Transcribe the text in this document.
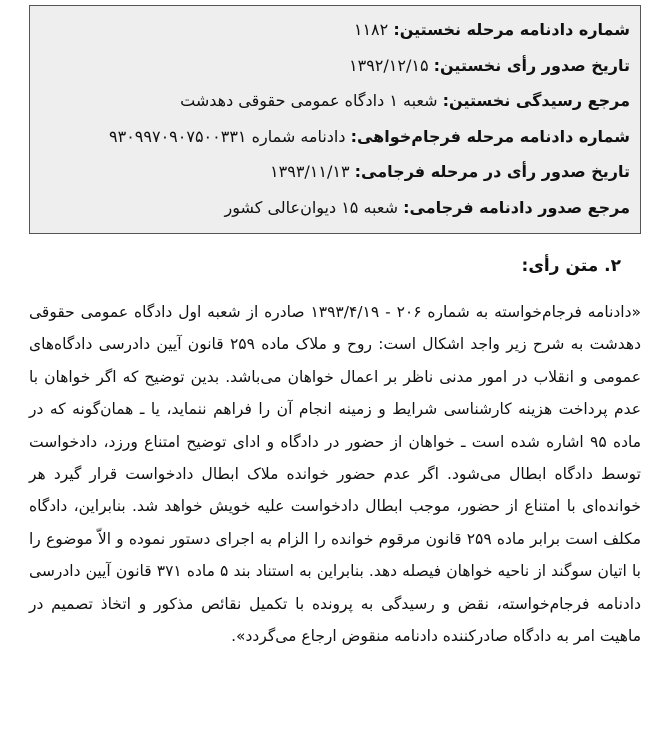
شماره دادنامه مرحله نخستین: ۱۱۸۲
تاریخ صدور رأی نخستین: ۱۳۹۲/۱۲/۱۵
مرجع رسیدگی نخستین: شعبه ۱ دادگاه عمومی حقوقی دهدشت
شماره دادنامه مرحله فرجام‌خواهی: دادنامه شماره ۹۳۰۹۹۷۰۹۰۷۵۰۰۳۳۱
تاریخ صدور رأی در مرحله فرجامی: ۱۳۹۳/۱۱/۱۳
مرجع صدور دادنامه فرجامی: شعبه ۱۵ دیوان‌عالی کشور
۲. متن رأی:

«دادنامه فرجام‌خواسته به شماره ۲۰۶ - ۱۳۹۳/۴/۱۹ صادره از شعبه اول دادگاه عمومی حقوقی دهدشت به شرح زیر واجد اشکال است: روح و ملاک ماده ۲۵۹ قانون آیین دادرسی دادگاه‌های عمومی و انقلاب در امور مدنی ناظر بر اعمال خواهان می‌باشد. بدین توضیح که اگر خواهان با عدم پرداخت هزینه کارشناسی شرایط و زمینه انجام آن را فراهم ننماید، یا ـ همان‌گونه که در ماده ۹۵ اشاره شده است ـ خواهان از حضور در دادگاه و ادای توضیح امتناع ورزد، دادخواست توسط دادگاه ابطال می‌شود. اگر عدم حضور خوانده ملاک ابطال دادخواست قرار گیرد هر خوانده‌ای با امتناع از حضور، موجب ابطال دادخواست علیه خویش خواهد شد. بنابراین، دادگاه مکلف است برابر ماده ۲۵۹ قانون مرقوم خوانده را الزام به اجرای دستور نموده و الاّ موضوع را با اتیان سوگند از ناحیه خواهان فیصله دهد. بنابراین به استناد بند ۵ ماده ۳۷۱ قانون آیین دادرسی دادنامه فرجام‌خواسته، نقض و رسیدگی به پرونده با تکمیل نقائص مذکور و اتخاذ تصمیم در ماهیت امر به دادگاه صادرکننده دادنامه منقوض ارجاع می‌گردد».
